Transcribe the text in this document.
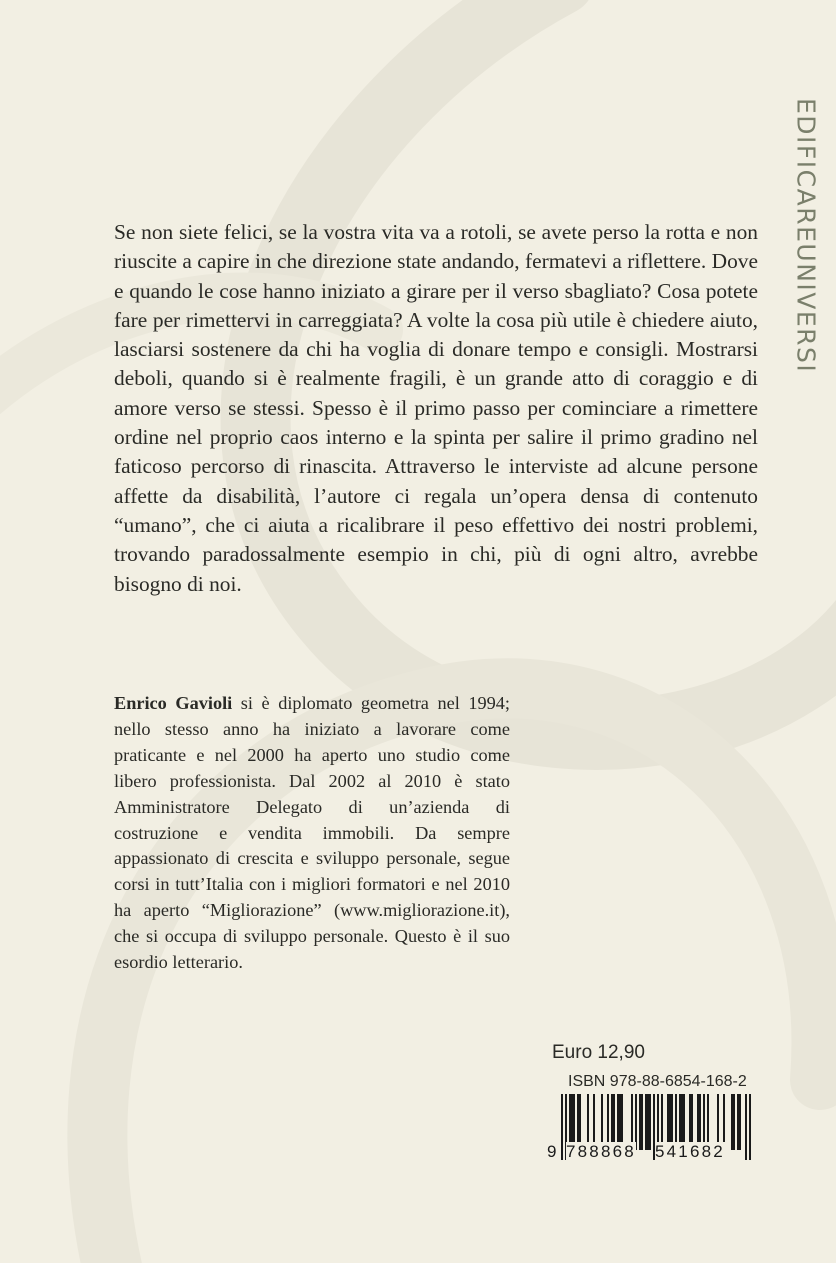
EDIFICAREUNIVERSI

Se non siete felici, se la vostra vita va a rotoli, se avete perso la rotta e non riuscite a capire in che direzione state andando, fermatevi a riflettere. Dove e quando le cose hanno iniziato a girare per il verso sbagliato? Cosa potete fare per rimettervi in carreggiata? A volte la cosa più utile è chiedere aiuto, lasciarsi sostenere da chi ha voglia di donare tempo e consigli. Mostrarsi deboli, quando si è realmente fragili, è un grande atto di coraggio e di amore verso se stessi. Spesso è il primo passo per cominciare a rimettere ordine nel proprio caos interno e la spinta per salire il primo gradino nel faticoso percorso di rinascita. Attraverso le interviste ad alcune persone affette da disabilità, l’autore ci regala un’opera densa di contenuto “umano”, che ci aiuta a ricalibrare il peso effettivo dei nostri problemi, trovando paradossalmente esempio in chi, più di ogni altro, avrebbe bisogno di noi.

Enrico Gavioli si è diplomato geometra nel 1994; nello stesso anno ha iniziato a lavorare come praticante e nel 2000 ha aperto uno studio come libero professionista. Dal 2002 al 2010 è stato Amministratore Delegato di un’azienda di costruzione e vendita immobili. Da sempre appassionato di crescita e sviluppo personale, segue corsi in tutt’Italia con i migliori formatori e nel 2010 ha aperto “Migliorazione” (www.migliorazione.it), che si occupa di sviluppo personale. Questo è il suo esordio letterario.

Euro 12,90
ISBN 978-88-6854-168-2
9 788868 541682
